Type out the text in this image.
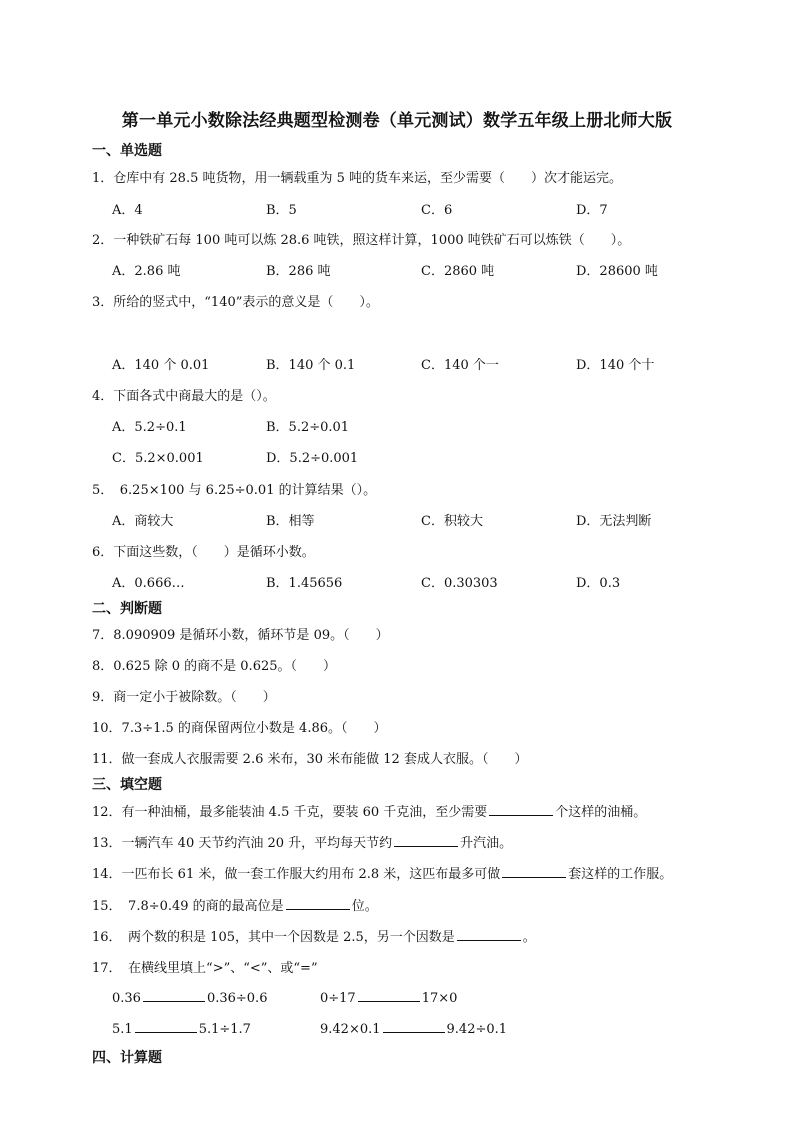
第一单元小数除法经典题型检测卷（单元测试）数学五年级上册北师大版
一、单选题
1．仓库中有 28.5 吨货物，用一辆载重为 5 吨的货车来运，至少需要（　　）次才能运完。
A．4	B．5	C．6	D．7
2．一种铁矿石每 100 吨可以炼 28.6 吨铁，照这样计算，1000 吨铁矿石可以炼铁（　　）。
A．2.86 吨	B．286 吨	C．2860 吨	D．28600 吨
3．所给的竖式中，“140”表示的意义是（　　）。
A．140 个 0.01	B．140 个 0.1	C．140 个一	D．140 个十
4．下面各式中商最大的是（）。
A．5.2÷0.1	B．5.2÷0.01
C．5.2×0.001	D．5.2÷0.001
5．　6.25×100 与 6.25÷0.01 的计算结果（）。
A．商较大	B．相等	C．积较大	D．无法判断
6．下面这些数，（　　）是循环小数。
A．0.666…	B．1.45656	C．0.30303	D．0.3
二、判断题
7．8.090909 是循环小数，循环节是 09。（　　）
8．0.625 除 0 的商不是 0.625。（　　）
9．商一定小于被除数。（　　）
10．7.3÷1.5 的商保留两位小数是 4.86。（　　）
11．做一套成人衣服需要 2.6 米布，30 米布能做 12 套成人衣服。（　　）
三、填空题
12．有一种油桶，最多能装油 4.5 千克，要装 60 千克油，至少需要	个这样的油桶。
13．一辆汽车 40 天节约汽油 20 升，平均每天节约	升汽油。
14．一匹布长 61 米，做一套工作服大约用布 2.8 米，这匹布最多可做	套这样的工作服。
15．　7.8÷0.49 的商的最高位是	位。
16．　两个数的积是 105，其中一个因数是 2.5，另一个因数是	。
17．　在横线里填上“>”、“<”、或“=”
0.36	0.36÷0.6	0÷17	17×0
5.1	5.1÷1.7	9.42×0.1	9.42÷0.1
四、计算题
